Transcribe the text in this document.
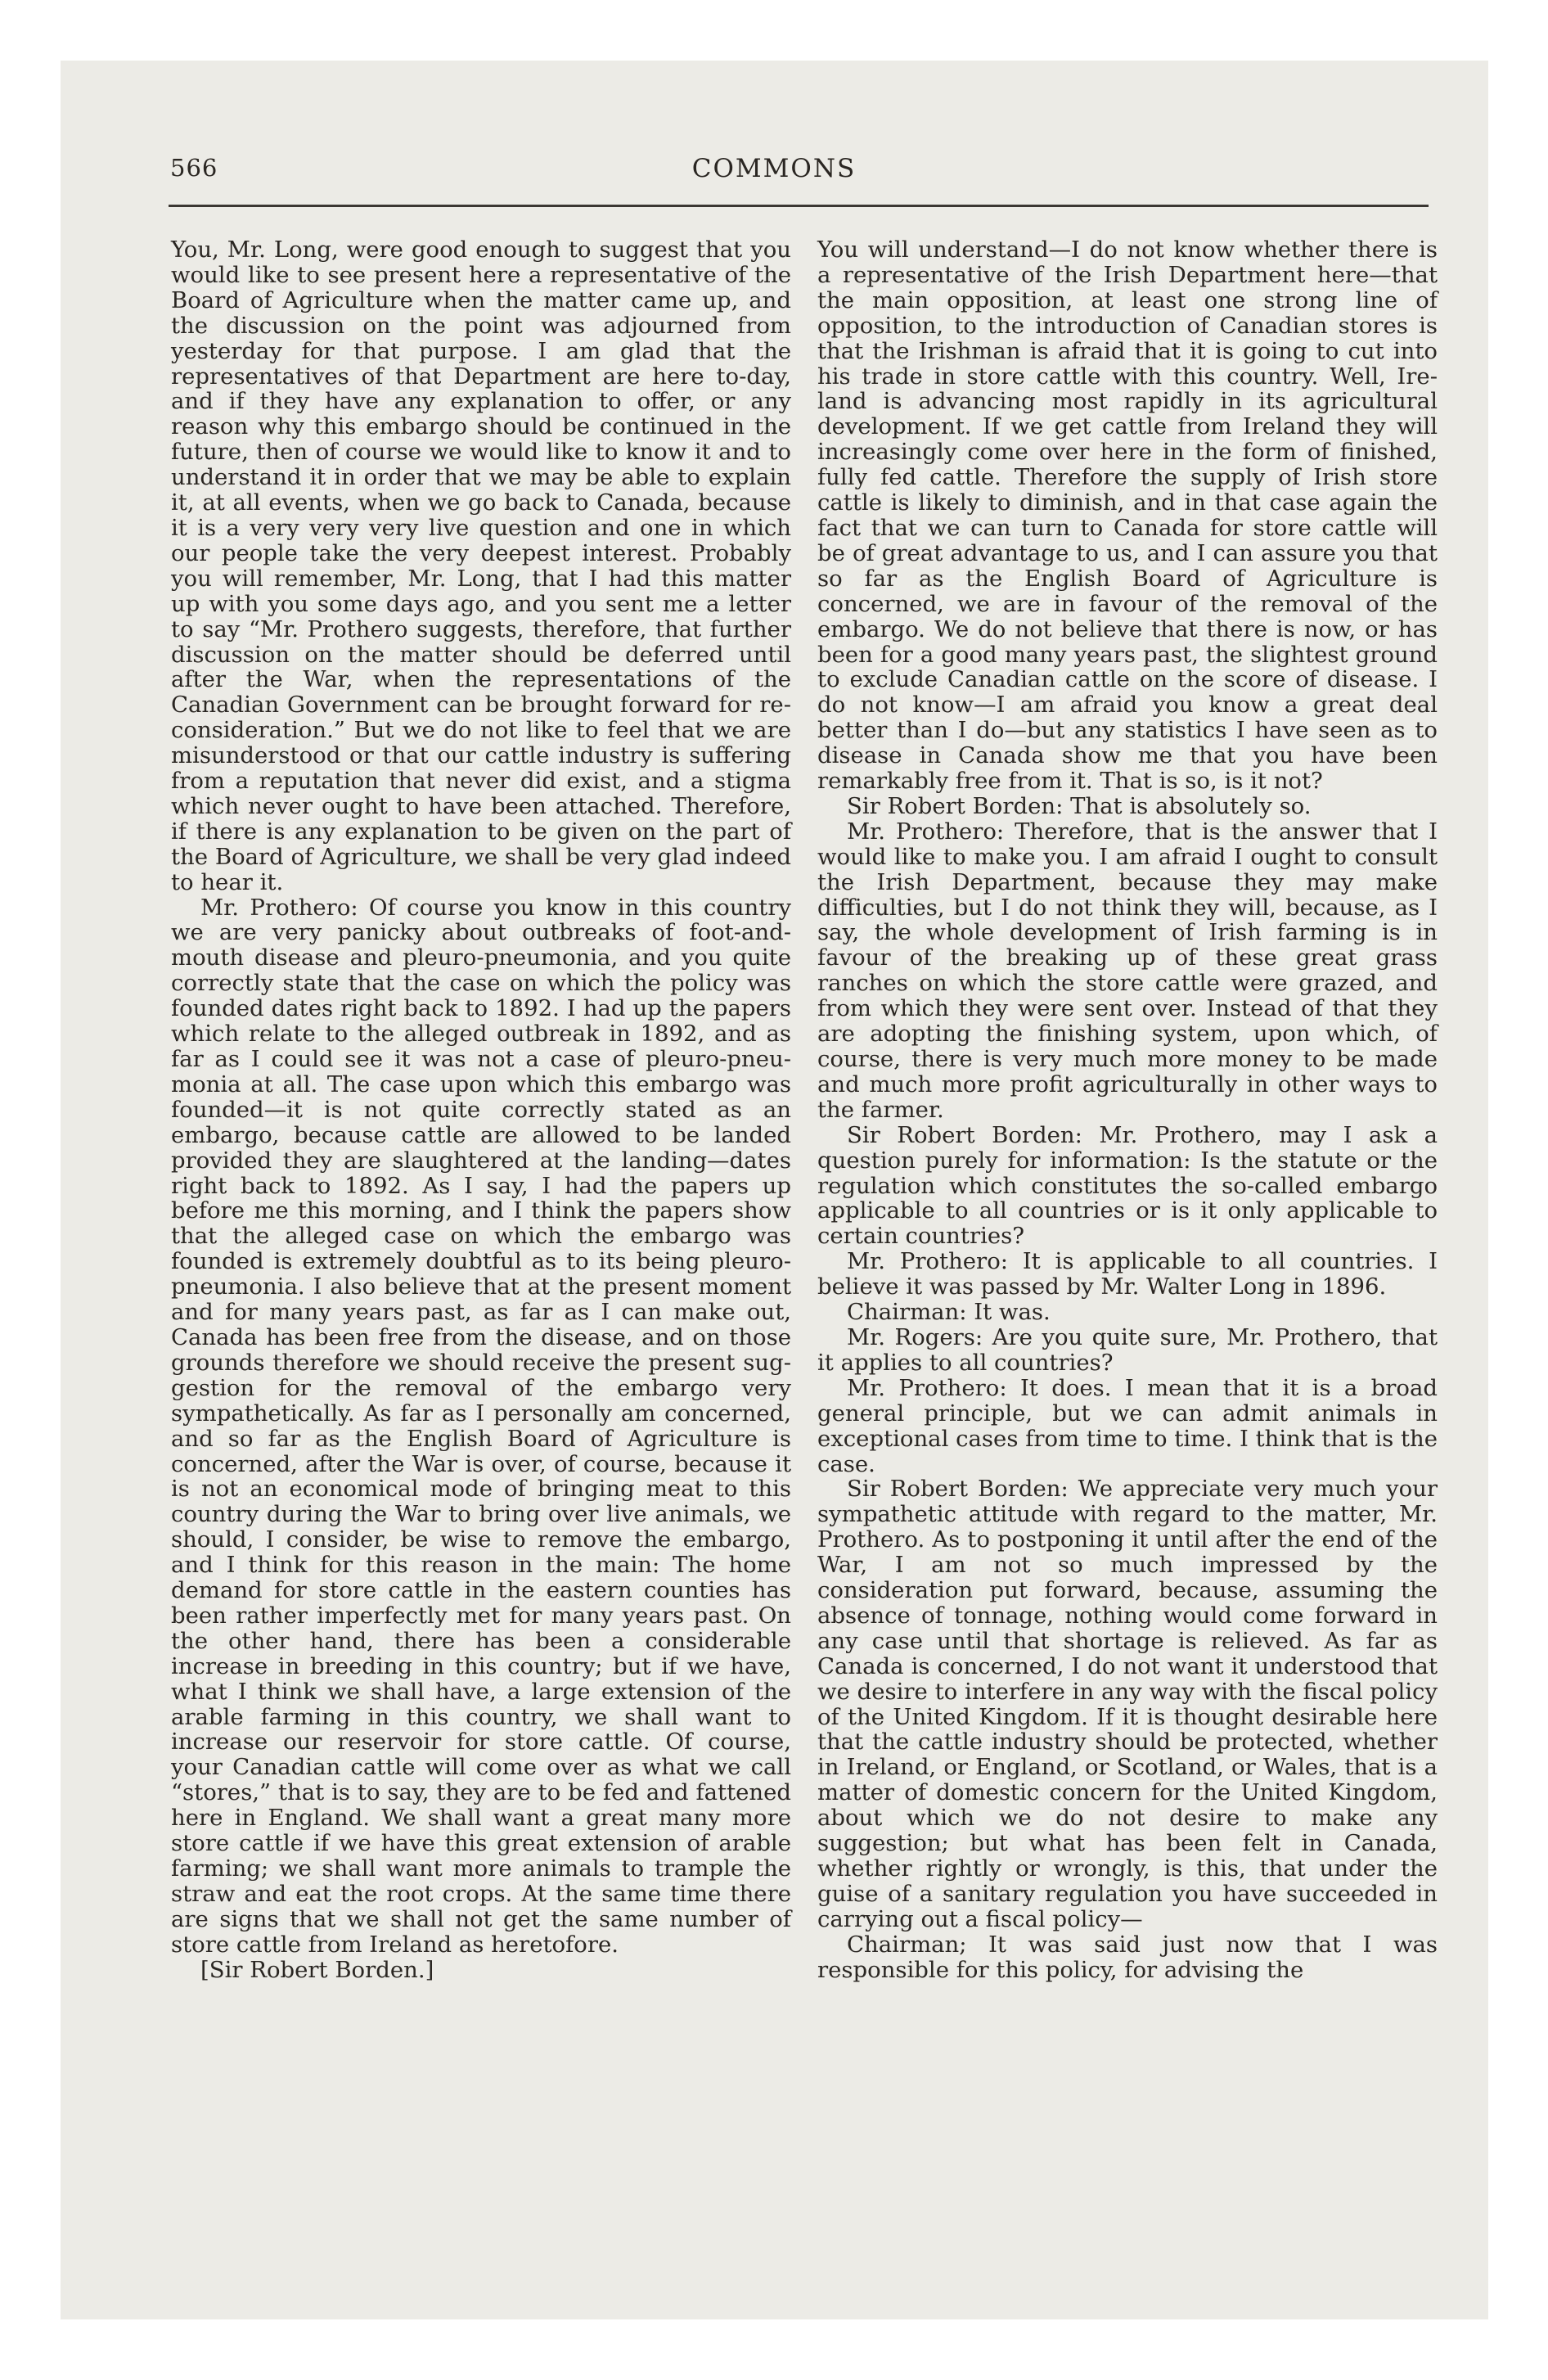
566	COMMONS

You, Mr. Long, were good enough to suggest that you would like to see present here a representative of the Board of Agriculture when the matter came up, and the discussion on the point was adjourned from yesterday for that purpose. I am glad that the representatives of that Department are here to-day, and if they have any explanation to offer, or any reason why this embargo should be continued in the future, then of course we would like to know it and to understand it in order that we may be able to explain it, at all events, when we go back to Canada, because it is a very very very live question and one in which our people take the very deepest interest. Probably you will remember, Mr. Long, that I had this matter up with you some days ago, and you sent me a letter to say “Mr. Prothero suggests, therefore, that further discussion on the matter should be deferred until after the War, when the representations of the Canadian Government can be brought forward for reconsideration.” But we do not like to feel that we are misunderstood or that our cattle industry is suffering from a reputation that never did exist, and a stigma which never ought to have been attached. Therefore, if there is any explanation to be given on the part of the Board of Agriculture, we shall be very glad indeed to hear it.

Mr. Prothero: Of course you know in this country we are very panicky about outbreaks of foot-and-mouth disease and pleuro-pneumonia, and you quite correctly state that the case on which the policy was founded dates right back to 1892. I had up the papers which relate to the alleged outbreak in 1892, and as far as I could see it was not a case of pleuro-pneumonia at all. The case upon which this embargo was founded—it is not quite correctly stated as an embargo, because cattle are allowed to be landed provided they are slaughtered at the landing—dates right back to 1892. As I say, I had the papers up before me this morning, and I think the papers show that the alleged case on which the embargo was founded is extremely doubtful as to its being pleuro-pneumonia. I also believe that at the present moment and for many years past, as far as I can make out, Canada has been free from the disease, and on those grounds therefore we should receive the present suggestion for the removal of the embargo very sympathetically. As far as I personally am concerned, and so far as the English Board of Agriculture is concerned, after the War is over, of course, because it is not an economical mode of bringing meat to this country during the War to bring over live animals, we should, I consider, be wise to remove the embargo, and I think for this reason in the main: The home demand for store cattle in the eastern counties has been rather imperfectly met for many years past. On the other hand, there has been a considerable increase in breeding in this country; but if we have, what I think we shall have, a large extension of the arable farming in this country, we shall want to increase our reservoir for store cattle. Of course, your Canadian cattle will come over as what we call “stores,” that is to say, they are to be fed and fattened here in England. We shall want a great many more store cattle if we have this great extension of arable farming; we shall want more animals to trample the straw and eat the root crops. At the same time there are signs that we shall not get the same number of store cattle from Ireland as heretofore.

[Sir Robert Borden.]

You will understand—I do not know whether there is a representative of the Irish Department here—that the main opposition, at least one strong line of opposition, to the introduction of Canadian stores is that the Irishman is afraid that it is going to cut into his trade in store cattle with this country. Well, Ireland is advancing most rapidly in its agricultural development. If we get cattle from Ireland they will increasingly come over here in the form of finished, fully fed cattle. Therefore the supply of Irish store cattle is likely to diminish, and in that case again the fact that we can turn to Canada for store cattle will be of great advantage to us, and I can assure you that so far as the English Board of Agriculture is concerned, we are in favour of the removal of the embargo. We do not believe that there is now, or has been for a good many years past, the slightest ground to exclude Canadian cattle on the score of disease. I do not know—I am afraid you know a great deal better than I do—but any statistics I have seen as to disease in Canada show me that you have been remarkably free from it. That is so, is it not?

Sir Robert Borden: That is absolutely so.

Mr. Prothero: Therefore, that is the answer that I would like to make you. I am afraid I ought to consult the Irish Department, because they may make difficulties, but I do not think they will, because, as I say, the whole development of Irish farming is in favour of the breaking up of these great grass ranches on which the store cattle were grazed, and from which they were sent over. Instead of that they are adopting the finishing system, upon which, of course, there is very much more money to be made and much more profit agriculturally in other ways to the farmer.

Sir Robert Borden: Mr. Prothero, may I ask a question purely for information: Is the statute or the regulation which constitutes the so-called embargo applicable to all countries or is it only applicable to certain countries?

Mr. Prothero: It is applicable to all countries. I believe it was passed by Mr. Walter Long in 1896.

Chairman: It was.

Mr. Rogers: Are you quite sure, Mr. Prothero, that it applies to all countries?

Mr. Prothero: It does. I mean that it is a broad general principle, but we can admit animals in exceptional cases from time to time. I think that is the case.

Sir Robert Borden: We appreciate very much your sympathetic attitude with regard to the matter, Mr. Prothero. As to postponing it until after the end of the War, I am not so much impressed by the consideration put forward, because, assuming the absence of tonnage, nothing would come forward in any case until that shortage is relieved. As far as Canada is concerned, I do not want it understood that we desire to interfere in any way with the fiscal policy of the United Kingdom. If it is thought desirable here that the cattle industry should be protected, whether in Ireland, or England, or Scotland, or Wales, that is a matter of domestic concern for the United Kingdom, about which we do not desire to make any suggestion; but what has been felt in Canada, whether rightly or wrongly, is this, that under the guise of a sanitary regulation you have succeeded in carrying out a fiscal policy—

Chairman; It was said just now that I was responsible for this policy, for advising the
